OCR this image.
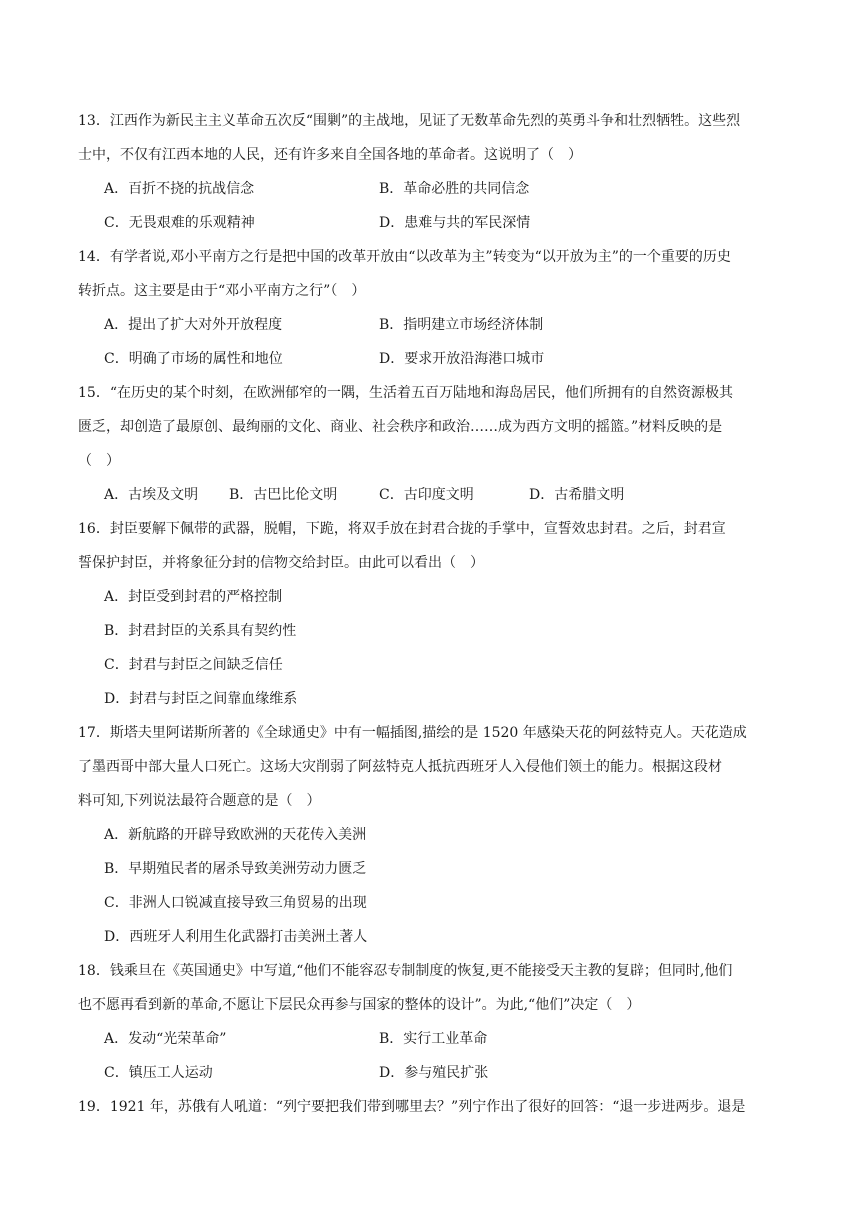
13．江西作为新民主主义革命五次反“围剿”的主战地，见证了无数革命先烈的英勇斗争和壮烈牺牲。这些烈
士中，不仅有江西本地的人民，还有许多来自全国各地的革命者。这说明了（　）
A．百折不挠的抗战信念	B．革命必胜的共同信念
C．无畏艰难的乐观精神	D．患难与共的军民深情
14．有学者说,邓小平南方之行是把中国的改革开放由“以改革为主”转变为“以开放为主”的一个重要的历史
转折点。这主要是由于“邓小平南方之行”（　）
A．提出了扩大对外开放程度	B．指明建立市场经济体制
C．明确了市场的属性和地位	D．要求开放沿海港口城市
15．“在历史的某个时刻，在欧洲郁窄的一隅，生活着五百万陆地和海岛居民，他们所拥有的自然资源极其
匮乏，却创造了最原创、最绚丽的文化、商业、社会秩序和政治……成为西方文明的摇篮。”材料反映的是
（　）
A．古埃及文明	B．古巴比伦文明	C．古印度文明	D．古希腊文明
16．封臣要解下佩带的武器，脱帽，下跪，将双手放在封君合拢的手掌中，宣誓效忠封君。之后，封君宣
誓保护封臣，并将象征分封的信物交给封臣。由此可以看出（　）
A．封臣受到封君的严格控制
B．封君封臣的关系具有契约性
C．封君与封臣之间缺乏信任
D．封君与封臣之间靠血缘维系
17．斯塔夫里阿诺斯所著的《全球通史》中有一幅插图,描绘的是 1520 年感染天花的阿兹特克人。天花造成
了墨西哥中部大量人口死亡。这场大灾削弱了阿兹特克人抵抗西班牙人入侵他们领土的能力。根据这段材
料可知,下列说法最符合题意的是（　）
A．新航路的开辟导致欧洲的天花传入美洲
B．早期殖民者的屠杀导致美洲劳动力匮乏
C．非洲人口锐减直接导致三角贸易的出现
D．西班牙人利用生化武器打击美洲土著人
18．钱乘旦在《英国通史》中写道,“他们不能容忍专制制度的恢复,更不能接受天主教的复辟；但同时,他们
也不愿再看到新的革命,不愿让下层民众再参与国家的整体的设计”。为此,“他们”决定（　）
A．发动“光荣革命”	B．实行工业革命
C．镇压工人运动	D．参与殖民扩张
19．1921 年，苏俄有人吼道：“列宁要把我们带到哪里去？”列宁作出了很好的回答：“退一步进两步。退是
